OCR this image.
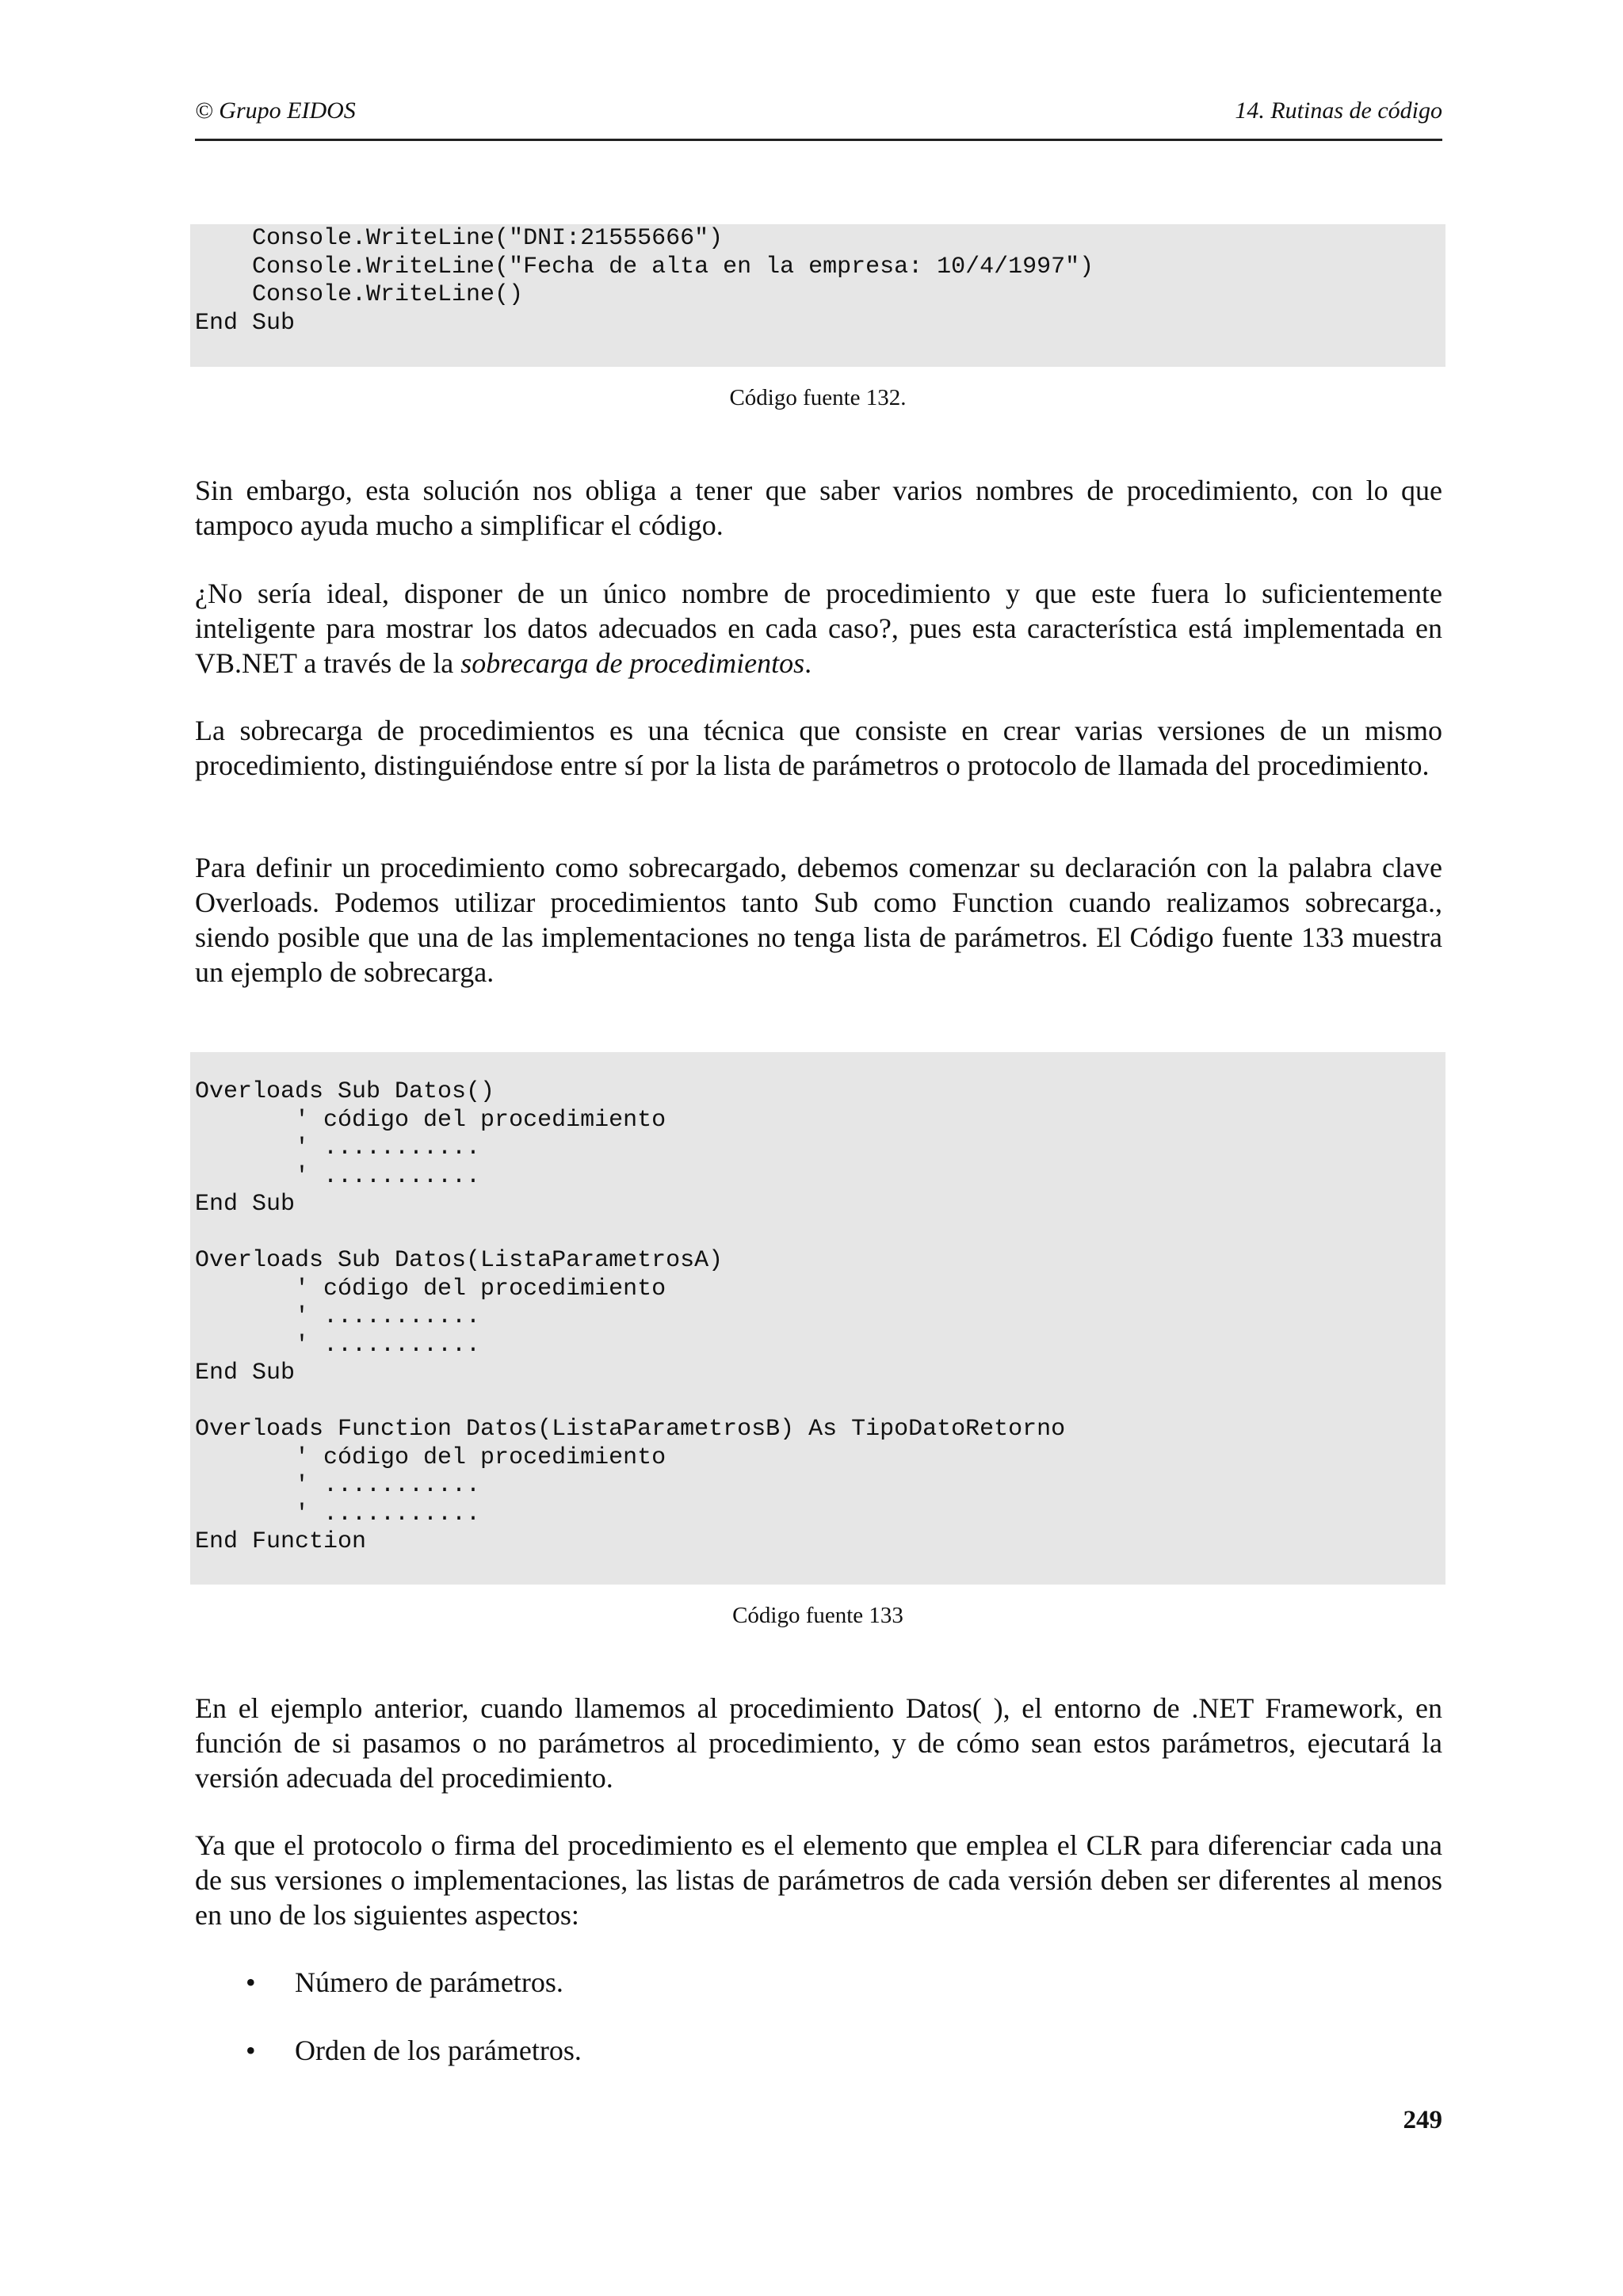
© Grupo EIDOS	14. Rutinas de código
Console.WriteLine("DNI:21555666")
Console.WriteLine("Fecha de alta en la empresa: 10/4/1997")
Console.WriteLine()
End Sub
Código fuente 132.

Sin embargo, esta solución nos obliga a tener que saber varios nombres de procedimiento, con lo que tampoco ayuda mucho a simplificar el código.

¿No sería ideal, disponer de un único nombre de procedimiento y que este fuera lo suficientemente inteligente para mostrar los datos adecuados en cada caso?, pues esta característica está implementada en VB.NET a través de la sobrecarga de procedimientos.

La sobrecarga de procedimientos es una técnica que consiste en crear varias versiones de un mismo procedimiento, distinguiéndose entre sí por la lista de parámetros o protocolo de llamada del procedimiento.

Para definir un procedimiento como sobrecargado, debemos comenzar su declaración con la palabra clave Overloads. Podemos utilizar procedimientos tanto Sub como Function cuando realizamos sobrecarga., siendo posible que una de las implementaciones no tenga lista de parámetros. El Código fuente 133 muestra un ejemplo de sobrecarga.

Overloads Sub Datos()
' código del procedimiento
' ...........
' ...........
End Sub
Overloads Sub Datos(ListaParametrosA)
' código del procedimiento
' ...........
' ...........
End Sub
Overloads Function Datos(ListaParametrosB) As TipoDatoRetorno
' código del procedimiento
' ...........
' ...........
End Function
Código fuente 133

En el ejemplo anterior, cuando llamemos al procedimiento Datos( ), el entorno de .NET Framework, en función de si pasamos o no parámetros al procedimiento, y de cómo sean estos parámetros, ejecutará la versión adecuada del procedimiento.

Ya que el protocolo o firma del procedimiento es el elemento que emplea el CLR para diferenciar cada una de sus versiones o implementaciones, las listas de parámetros de cada versión deben ser diferentes al menos en uno de los siguientes aspectos:

• Número de parámetros.
• Orden de los parámetros.
249
